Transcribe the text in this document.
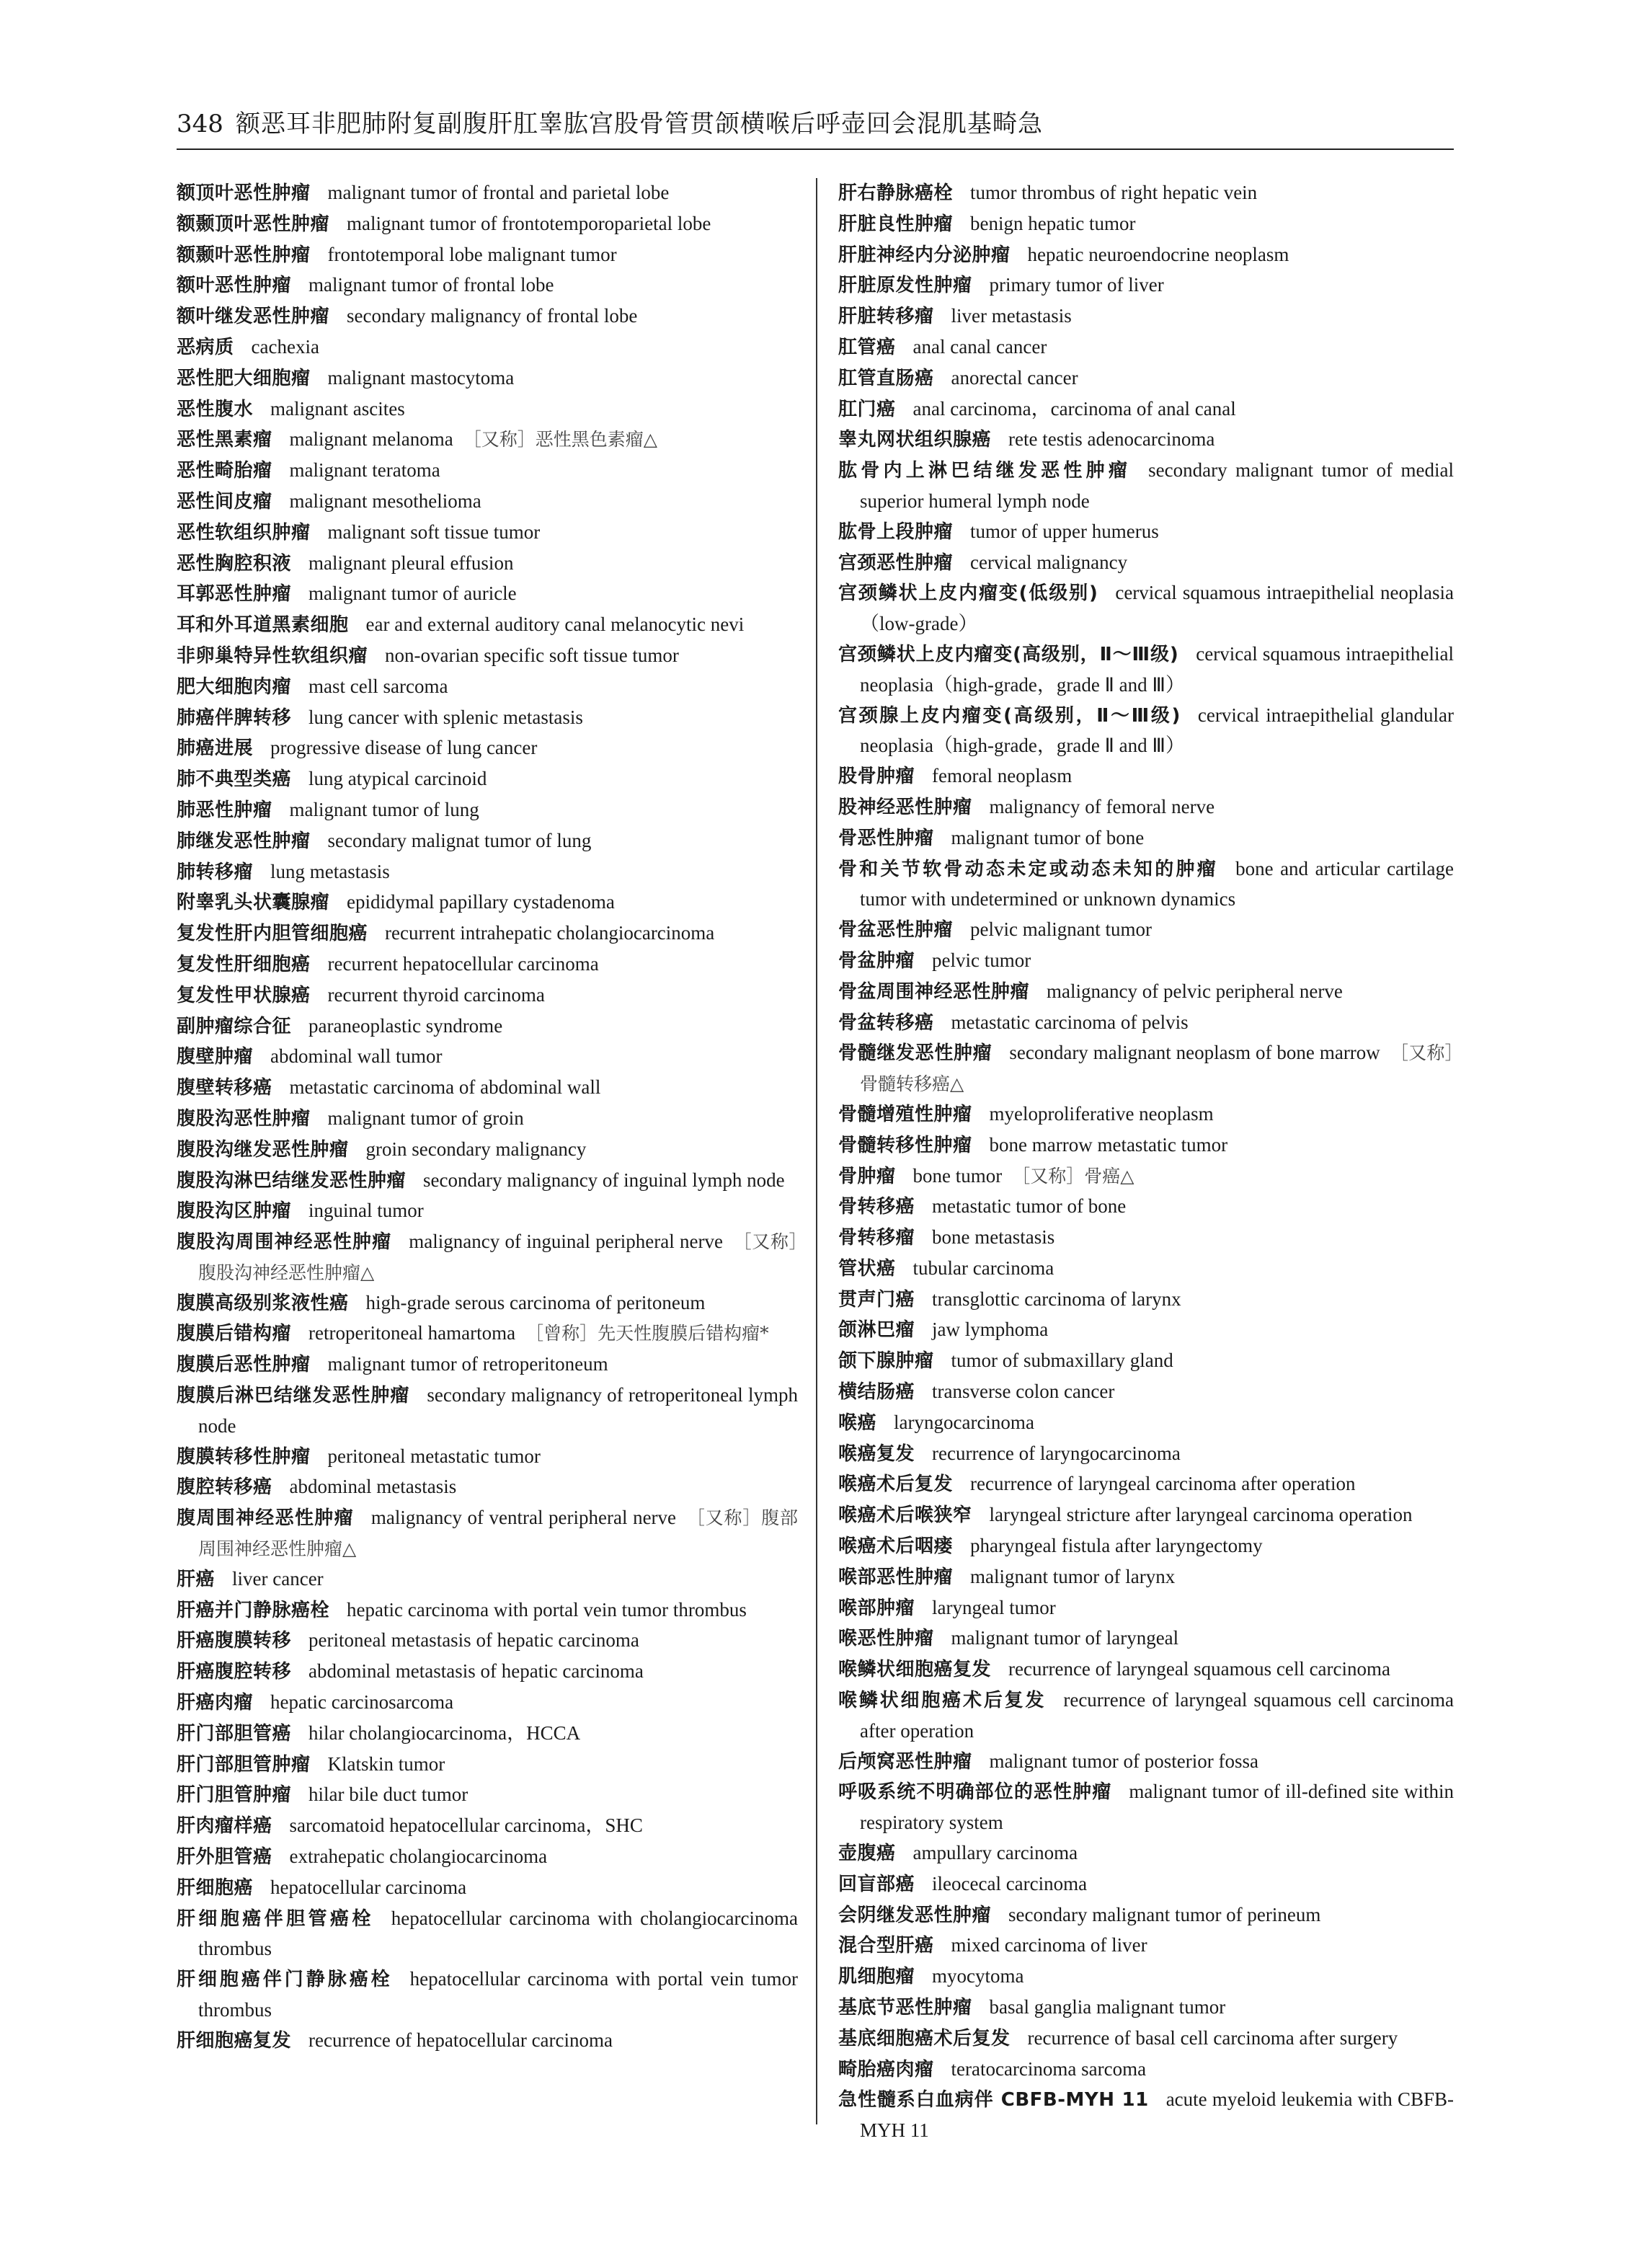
348 额恶耳非肥肺附复副腹肝肛睾肱宫股骨管贯颌横喉后呼壶回会混肌基畸急
额顶叶恶性肿瘤 malignant tumor of frontal and parietal lobe
额颞顶叶恶性肿瘤 malignant tumor of frontotemporoparietal lobe
额颞叶恶性肿瘤 frontotemporal lobe malignant tumor
额叶恶性肿瘤 malignant tumor of frontal lobe
额叶继发恶性肿瘤 secondary malignancy of frontal lobe
恶病质 cachexia
恶性肥大细胞瘤 malignant mastocytoma
恶性腹水 malignant ascites
恶性黑素瘤 malignant melanoma ［又称］恶性黑色素瘤△
恶性畸胎瘤 malignant teratoma
恶性间皮瘤 malignant mesothelioma
恶性软组织肿瘤 malignant soft tissue tumor
恶性胸腔积液 malignant pleural effusion
耳郭恶性肿瘤 malignant tumor of auricle
耳和外耳道黑素细胞 ear and external auditory canal melanocytic nevi
非卵巢特异性软组织瘤 non-ovarian specific soft tissue tumor
肥大细胞肉瘤 mast cell sarcoma
肺癌伴脾转移 lung cancer with splenic metastasis
肺癌进展 progressive disease of lung cancer
肺不典型类癌 lung atypical carcinoid
肺恶性肿瘤 malignant tumor of lung
肺继发恶性肿瘤 secondary malignat tumor of lung
肺转移瘤 lung metastasis
附睾乳头状囊腺瘤 epididymal papillary cystadenoma
复发性肝内胆管细胞癌 recurrent intrahepatic cholangiocarcinoma
复发性肝细胞癌 recurrent hepatocellular carcinoma
复发性甲状腺癌 recurrent thyroid carcinoma
副肿瘤综合征 paraneoplastic syndrome
腹壁肿瘤 abdominal wall tumor
腹壁转移癌 metastatic carcinoma of abdominal wall
腹股沟恶性肿瘤 malignant tumor of groin
腹股沟继发恶性肿瘤 groin secondary malignancy
腹股沟淋巴结继发恶性肿瘤 secondary malignancy of inguinal lymph node
腹股沟区肿瘤 inguinal tumor
腹股沟周围神经恶性肿瘤 malignancy of inguinal peripheral nerve ［又称］腹股沟神经恶性肿瘤△
腹膜高级别浆液性癌 high-grade serous carcinoma of peritoneum
腹膜后错构瘤 retroperitoneal hamartoma ［曾称］先天性腹膜后错构瘤*
腹膜后恶性肿瘤 malignant tumor of retroperitoneum
腹膜后淋巴结继发恶性肿瘤 secondary malignancy of retroperitoneal lymph node
腹膜转移性肿瘤 peritoneal metastatic tumor
腹腔转移癌 abdominal metastasis
腹周围神经恶性肿瘤 malignancy of ventral peripheral nerve ［又称］腹部周围神经恶性肿瘤△
肝癌 liver cancer
肝癌并门静脉癌栓 hepatic carcinoma with portal vein tumor thrombus
肝癌腹膜转移 peritoneal metastasis of hepatic carcinoma
肝癌腹腔转移 abdominal metastasis of hepatic carcinoma
肝癌肉瘤 hepatic carcinosarcoma
肝门部胆管癌 hilar cholangiocarcinoma，HCCA
肝门部胆管肿瘤 Klatskin tumor
肝门胆管肿瘤 hilar bile duct tumor
肝肉瘤样癌 sarcomatoid hepatocellular carcinoma，SHC
肝外胆管癌 extrahepatic cholangiocarcinoma
肝细胞癌 hepatocellular carcinoma
肝细胞癌伴胆管癌栓 hepatocellular carcinoma with cholangiocarcinoma thrombus
肝细胞癌伴门静脉癌栓 hepatocellular carcinoma with portal vein tumor thrombus
肝细胞癌复发 recurrence of hepatocellular carcinoma
肝右静脉癌栓 tumor thrombus of right hepatic vein
肝脏良性肿瘤 benign hepatic tumor
肝脏神经内分泌肿瘤 hepatic neuroendocrine neoplasm
肝脏原发性肿瘤 primary tumor of liver
肝脏转移瘤 liver metastasis
肛管癌 anal canal cancer
肛管直肠癌 anorectal cancer
肛门癌 anal carcinoma，carcinoma of anal canal
睾丸网状组织腺癌 rete testis adenocarcinoma
肱骨内上淋巴结继发恶性肿瘤 secondary malignant tumor of medial superior humeral lymph node
肱骨上段肿瘤 tumor of upper humerus
宫颈恶性肿瘤 cervical malignancy
宫颈鳞状上皮内瘤变(低级别) cervical squamous intraepithelial neoplasia（low-grade）
宫颈鳞状上皮内瘤变(高级别，Ⅱ～Ⅲ级) cervical squamous intraepithelial neoplasia（high-grade，grade Ⅱ and Ⅲ）
宫颈腺上皮内瘤变(高级别，Ⅱ～Ⅲ级) cervical intraepithelial glandular neoplasia（high-grade，grade Ⅱ and Ⅲ）
股骨肿瘤 femoral neoplasm
股神经恶性肿瘤 malignancy of femoral nerve
骨恶性肿瘤 malignant tumor of bone
骨和关节软骨动态未定或动态未知的肿瘤 bone and articular cartilage tumor with undetermined or unknown dynamics
骨盆恶性肿瘤 pelvic malignant tumor
骨盆肿瘤 pelvic tumor
骨盆周围神经恶性肿瘤 malignancy of pelvic peripheral nerve
骨盆转移癌 metastatic carcinoma of pelvis
骨髓继发恶性肿瘤 secondary malignant neoplasm of bone marrow ［又称］骨髓转移癌△
骨髓增殖性肿瘤 myeloproliferative neoplasm
骨髓转移性肿瘤 bone marrow metastatic tumor
骨肿瘤 bone tumor ［又称］骨癌△
骨转移癌 metastatic tumor of bone
骨转移瘤 bone metastasis
管状癌 tubular carcinoma
贯声门癌 transglottic carcinoma of larynx
颌淋巴瘤 jaw lymphoma
颌下腺肿瘤 tumor of submaxillary gland
横结肠癌 transverse colon cancer
喉癌 laryngocarcinoma
喉癌复发 recurrence of laryngocarcinoma
喉癌术后复发 recurrence of laryngeal carcinoma after operation
喉癌术后喉狭窄 laryngeal stricture after laryngeal carcinoma operation
喉癌术后咽瘘 pharyngeal fistula after laryngectomy
喉部恶性肿瘤 malignant tumor of larynx
喉部肿瘤 laryngeal tumor
喉恶性肿瘤 malignant tumor of laryngeal
喉鳞状细胞癌复发 recurrence of laryngeal squamous cell carcinoma
喉鳞状细胞癌术后复发 recurrence of laryngeal squamous cell carcinoma after operation
后颅窝恶性肿瘤 malignant tumor of posterior fossa
呼吸系统不明确部位的恶性肿瘤 malignant tumor of ill-defined site within respiratory system
壶腹癌 ampullary carcinoma
回盲部癌 ileocecal carcinoma
会阴继发恶性肿瘤 secondary malignant tumor of perineum
混合型肝癌 mixed carcinoma of liver
肌细胞瘤 myocytoma
基底节恶性肿瘤 basal ganglia malignant tumor
基底细胞癌术后复发 recurrence of basal cell carcinoma after surgery
畸胎癌肉瘤 teratocarcinoma sarcoma
急性髓系白血病伴 CBFB-MYH 11 acute myeloid leukemia with CBFB-MYH 11
